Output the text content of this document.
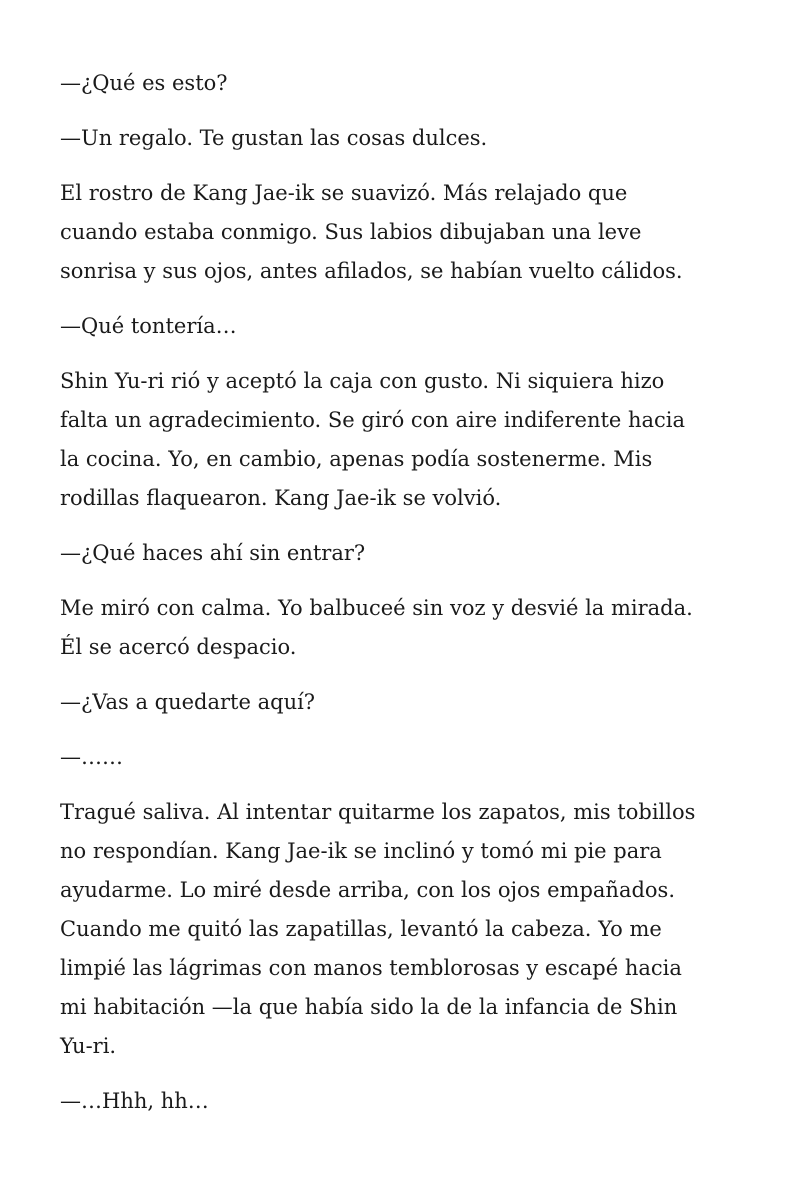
—¿Qué es esto?

—Un regalo. Te gustan las cosas dulces.

El rostro de Kang Jae-ik se suavizó. Más relajado que
cuando estaba conmigo. Sus labios dibujaban una leve
sonrisa y sus ojos, antes afilados, se habían vuelto cálidos.

—Qué tontería…

Shin Yu-ri rió y aceptó la caja con gusto. Ni siquiera hizo
falta un agradecimiento. Se giró con aire indiferente hacia
la cocina. Yo, en cambio, apenas podía sostenerme. Mis
rodillas flaquearon. Kang Jae-ik se volvió.

—¿Qué haces ahí sin entrar?

Me miró con calma. Yo balbuceé sin voz y desvié la mirada.
Él se acercó despacio.

—¿Vas a quedarte aquí?

—……

Tragué saliva. Al intentar quitarme los zapatos, mis tobillos
no respondían. Kang Jae-ik se inclinó y tomó mi pie para
ayudarme. Lo miré desde arriba, con los ojos empañados.
Cuando me quitó las zapatillas, levantó la cabeza. Yo me
limpié las lágrimas con manos temblorosas y escapé hacia
mi habitación —la que había sido la de la infancia de Shin
Yu-ri.

—…Hhh, hh…
